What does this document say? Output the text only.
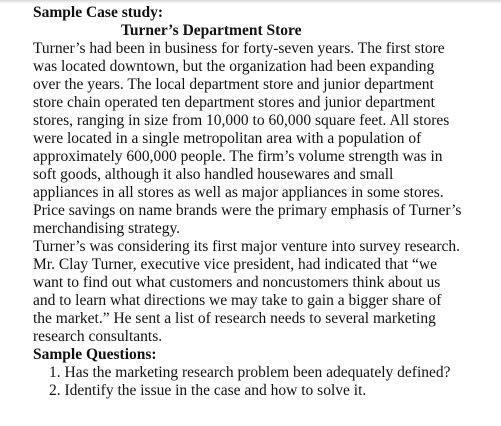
Sample Case study:
Turner’s Department Store
Turner’s had been in business for forty-seven years. The first store
was located downtown, but the organization had been expanding
over the years. The local department store and junior department
store chain operated ten department stores and junior department
stores, ranging in size from 10,000 to 60,000 square feet. All stores
were located in a single metropolitan area with a population of
approximately 600,000 people. The firm’s volume strength was in
soft goods, although it also handled housewares and small
appliances in all stores as well as major appliances in some stores.
Price savings on name brands were the primary emphasis of Turner’s
merchandising strategy.
Turner’s was considering its first major venture into survey research.
Mr. Clay Turner, executive vice president, had indicated that “we
want to find out what customers and noncustomers think about us
and to learn what directions we may take to gain a bigger share of
the market.” He sent a list of research needs to several marketing
research consultants.
Sample Questions:
1. Has the marketing research problem been adequately defined?
2. Identify the issue in the case and how to solve it.
